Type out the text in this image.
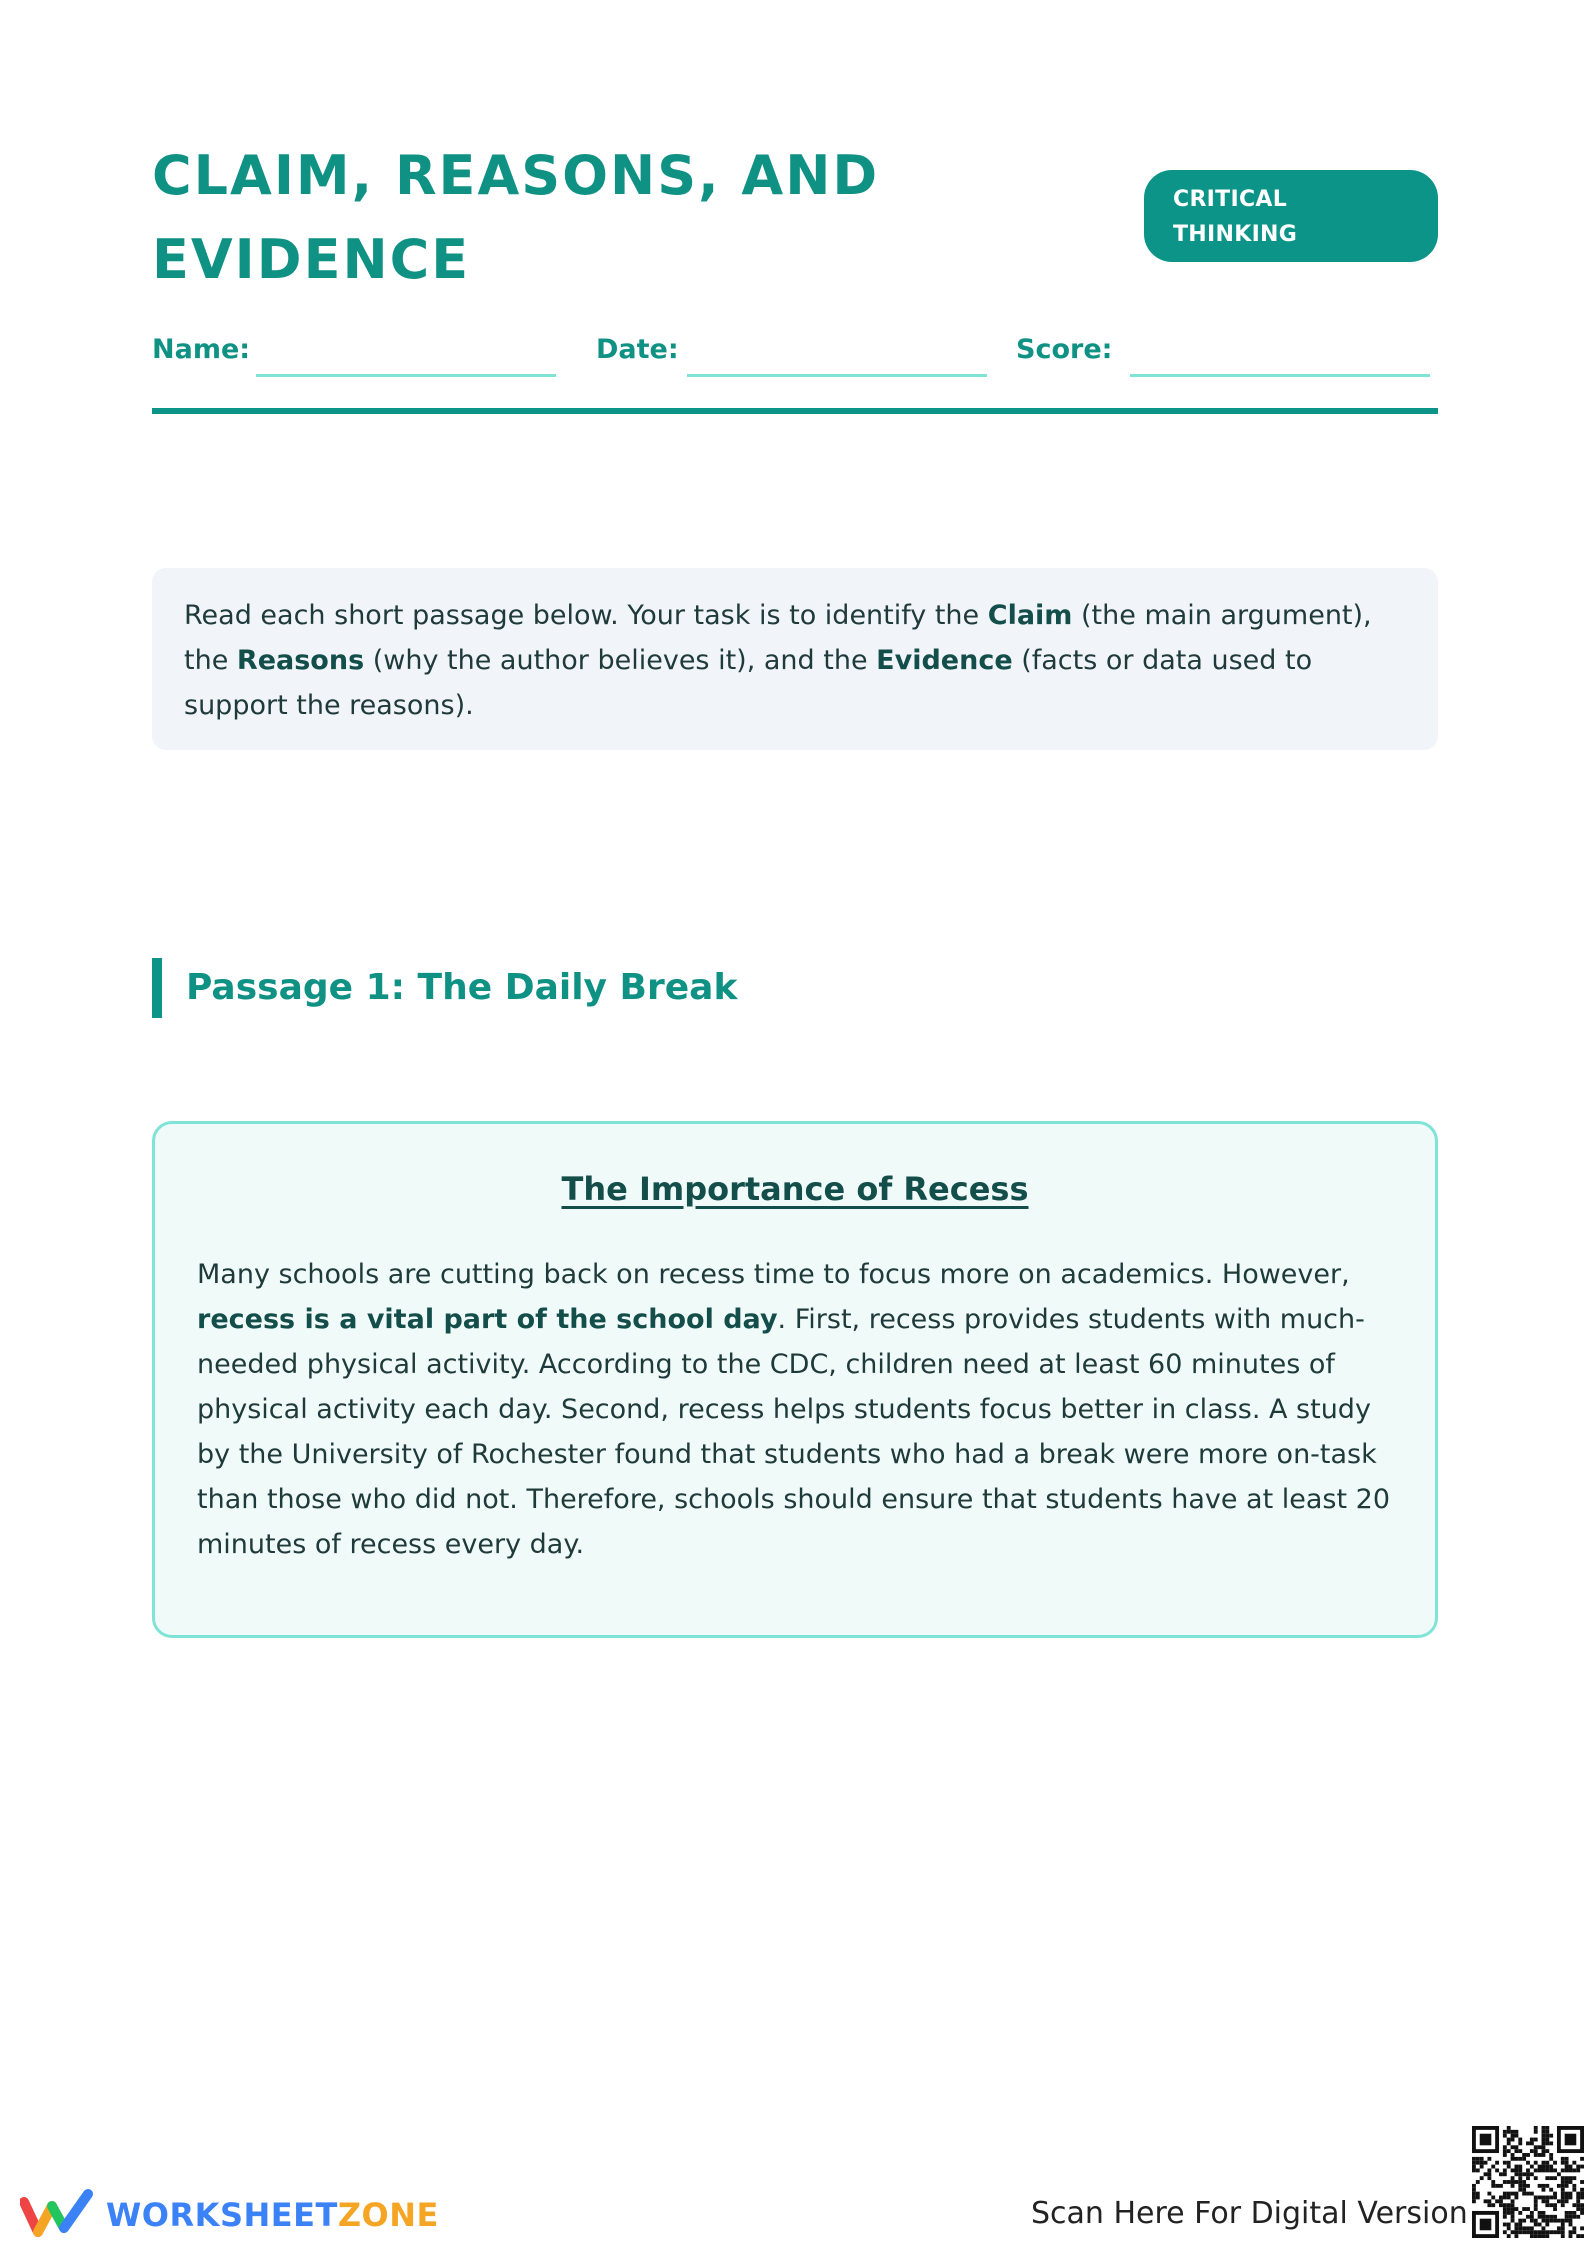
CLAIM, REASONS, AND
EVIDENCE
CRITICAL
THINKING
Name:	Date:	Score:
Read each short passage below. Your task is to identify the Claim (the main argument), the Reasons (why the author believes it), and the Evidence (facts or data used to support the reasons).
Passage 1: The Daily Break
The Importance of Recess
Many schools are cutting back on recess time to focus more on academics. However, recess is a vital part of the school day. First, recess provides students with much-needed physical activity. According to the CDC, children need at least 60 minutes of physical activity each day. Second, recess helps students focus better in class. A study by the University of Rochester found that students who had a break were more on-task than those who did not. Therefore, schools should ensure that students have at least 20 minutes of recess every day.
WORKSHEETZONE	Scan Here For Digital Version
